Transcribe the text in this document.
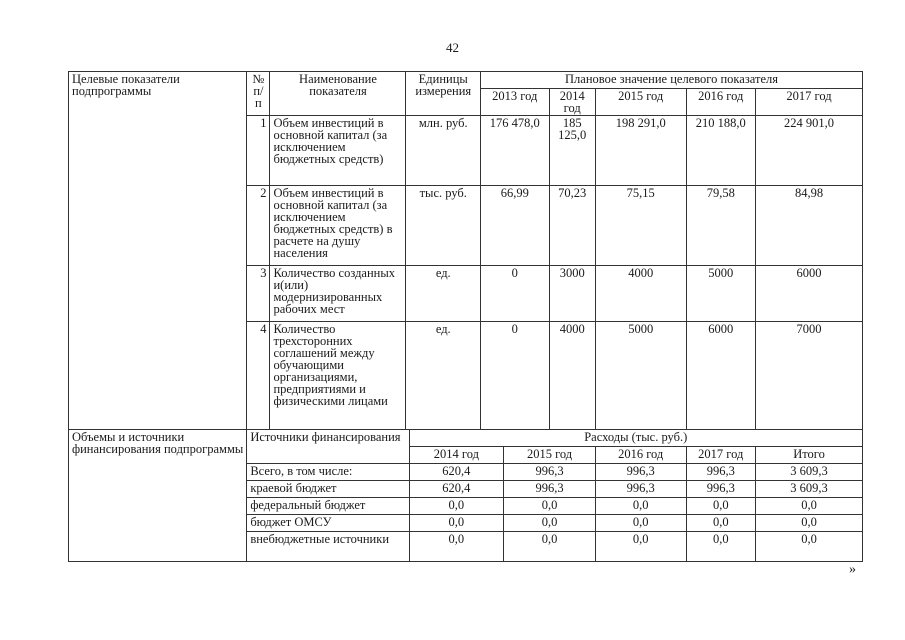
42
Целевые показатели подпрограммы	№ п/п	Наименование показателя	Единицы измерения		Плановое значение целевого показателя					
					2013 год		2014 год	2015 год	2016 год	2017 год
	1	Объем инвестиций в основной капитал (за исключением бюджетных средств)	млн. руб.		176 478,0		185 125,0	198 291,0	210 188,0	224 901,0
	2	Объем инвестиций в основной капитал (за исключением бюджетных средств) в расчете на душу населения	тыс. руб.		66,99		70,23	75,15	79,58	84,98
	3	Количество созданных и(или) модернизированных рабочих мест	ед.		0		3000	4000	5000	6000
	4	Количество трехсторонних соглашений между обучающими организациями, предприятиями и физическими лицами	ед.		0		4000	5000	6000	7000
Объемы и источники финансирования подпрограммы	Источники финансирования			Расходы (тыс. руб.)						
				2014 год		2015 год		2016 год	2017 год	Итого
	Всего, в том числе:			620,4		996,3		996,3	996,3	3 609,3
	краевой бюджет			620,4		996,3		996,3	996,3	3 609,3
	федеральный бюджет			0,0		0,0		0,0	0,0	0,0
	бюджет ОМСУ			0,0		0,0		0,0	0,0	0,0
	внебюджетные источники			0,0		0,0		0,0	0,0	0,0
»
